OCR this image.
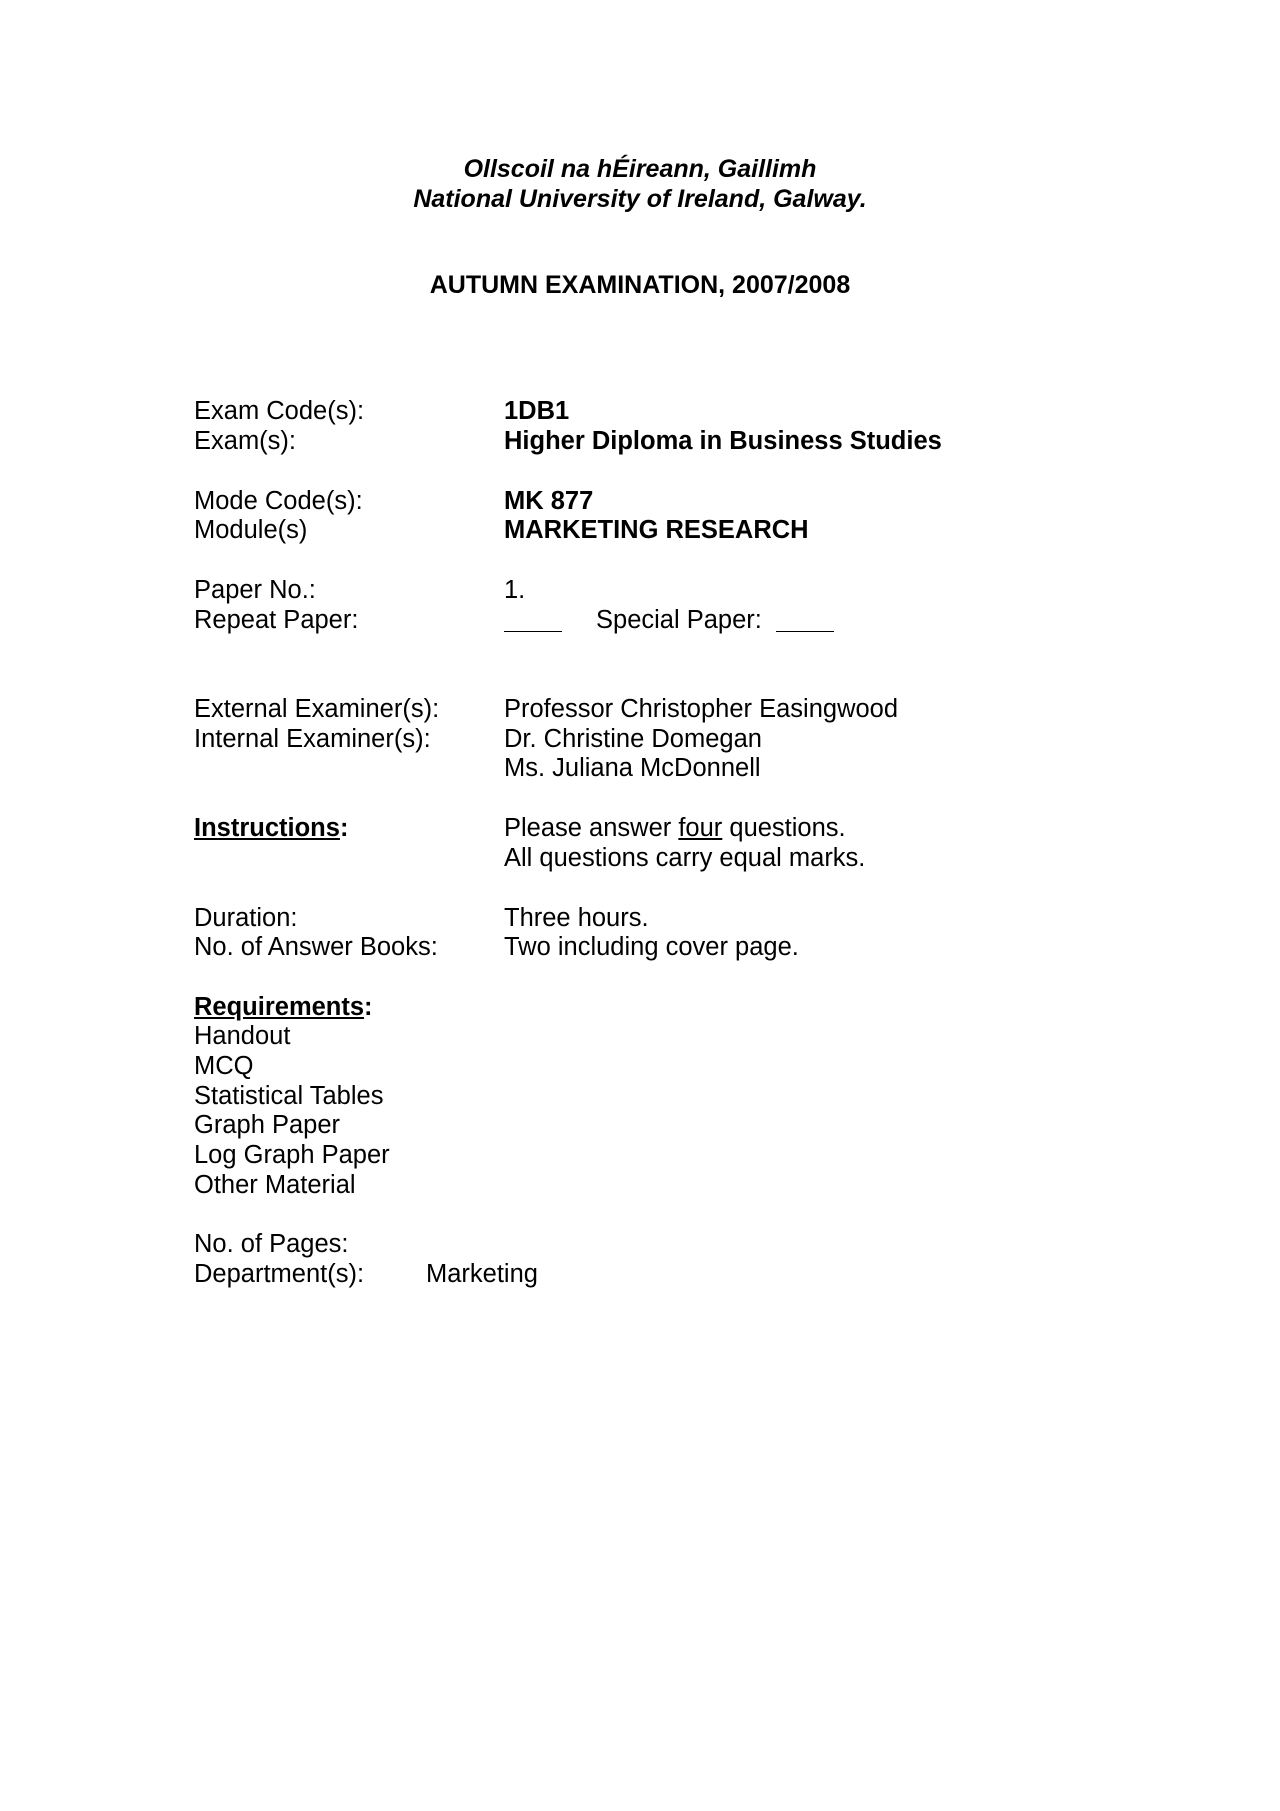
Ollscoil na hÉireann, Gaillimh
National University of Ireland, Galway.
AUTUMN EXAMINATION, 2007/2008
Exam Code(s):	1DB1
Exam(s):	Higher Diploma in Business Studies
Mode Code(s):	MK 877
Module(s)	MARKETING RESEARCH
Paper No.:	1.
Repeat Paper:	Special Paper:
External Examiner(s):	Professor Christopher Easingwood
Internal Examiner(s):	Dr. Christine Domegan
Ms. Juliana McDonnell
Instructions:	Please answer four questions.
All questions carry equal marks.
Duration:	Three hours.
No. of Answer Books:	Two including cover page.
Requirements:
Handout
MCQ
Statistical Tables
Graph Paper
Log Graph Paper
Other Material
No. of Pages:
Department(s): Marketing
